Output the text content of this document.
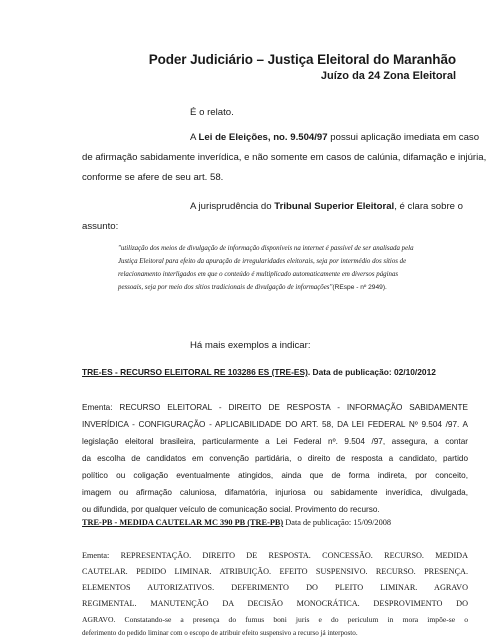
Poder Judiciário – Justiça Eleitoral do Maranhão
Juízo da 24 Zona Eleitoral
É o relato.
A Lei de Eleições, no. 9.504/97 possui aplicação imediata em caso
de afirmação sabidamente inverídica, e não somente em casos de calúnia, difamação e injúria,
conforme se afere de seu art. 58.
A jurisprudência do Tribunal Superior Eleitoral, é clara sobre o
assunto:
"utilização dos meios de divulgação de informação disponíveis na internet é passível de ser analisada pela
Justiça Eleitoral para efeito da apuração de irregularidades eleitorais, seja por intermédio dos sítios de
relacionamento interligados em que o conteúdo é multiplicado automaticamente em diversos páginas
pessoais, seja por meio dos sítios tradicionais de divulgação de informações"(REspe - nº 2949).
Há mais exemplos a indicar:
TRE-ES - RECURSO ELEITORAL RE 103286 ES (TRE-ES). Data de publicação: 02/10/2012
Ementa: RECURSO ELEITORAL - DIREITO DE RESPOSTA - INFORMAÇÃO SABIDAMENTE
INVERÍDICA - CONFIGURAÇÃO - APLICABILIDADE DO ART. 58, DA LEI FEDERAL Nº 9.504 /97. A
legislação eleitoral brasileira, particularmente a Lei Federal nº. 9.504 /97, assegura, a contar
da escolha de candidatos em convenção partidária, o direito de resposta a candidato, partido
político ou coligação eventualmente atingidos, ainda que de forma indireta, por conceito,
imagem ou afirmação caluniosa, difamatória, injuriosa ou sabidamente inverídica, divulgada,
ou difundida, por qualquer veículo de comunicação social. Provimento do recurso.
TRE-PB - MEDIDA CAUTELAR MC 390 PB (TRE-PB) Data de publicação: 15/09/2008
Ementa: REPRESENTAÇÃO. DIREITO DE RESPOSTA. CONCESSÃO. RECURSO. MEDIDA
CAUTELAR. PEDIDO LIMINAR. ATRIBUIÇÃO. EFEITO SUSPENSIVO. RECURSO. PRESENÇA.
ELEMENTOS AUTORIZATIVOS. DEFERIMENTO DO PLEITO LIMINAR. AGRAVO
REGIMENTAL. MANUTENÇÃO DA DECISÃO MONOCRÁTICA. DESPROVIMENTO DO
AGRAVO. Constatando-se a presença do fumus boni juris e do periculum in mora impõe-se o
deferimento do pedido liminar com o escopo de atribuir efeito suspensivo a recurso já interposto.
